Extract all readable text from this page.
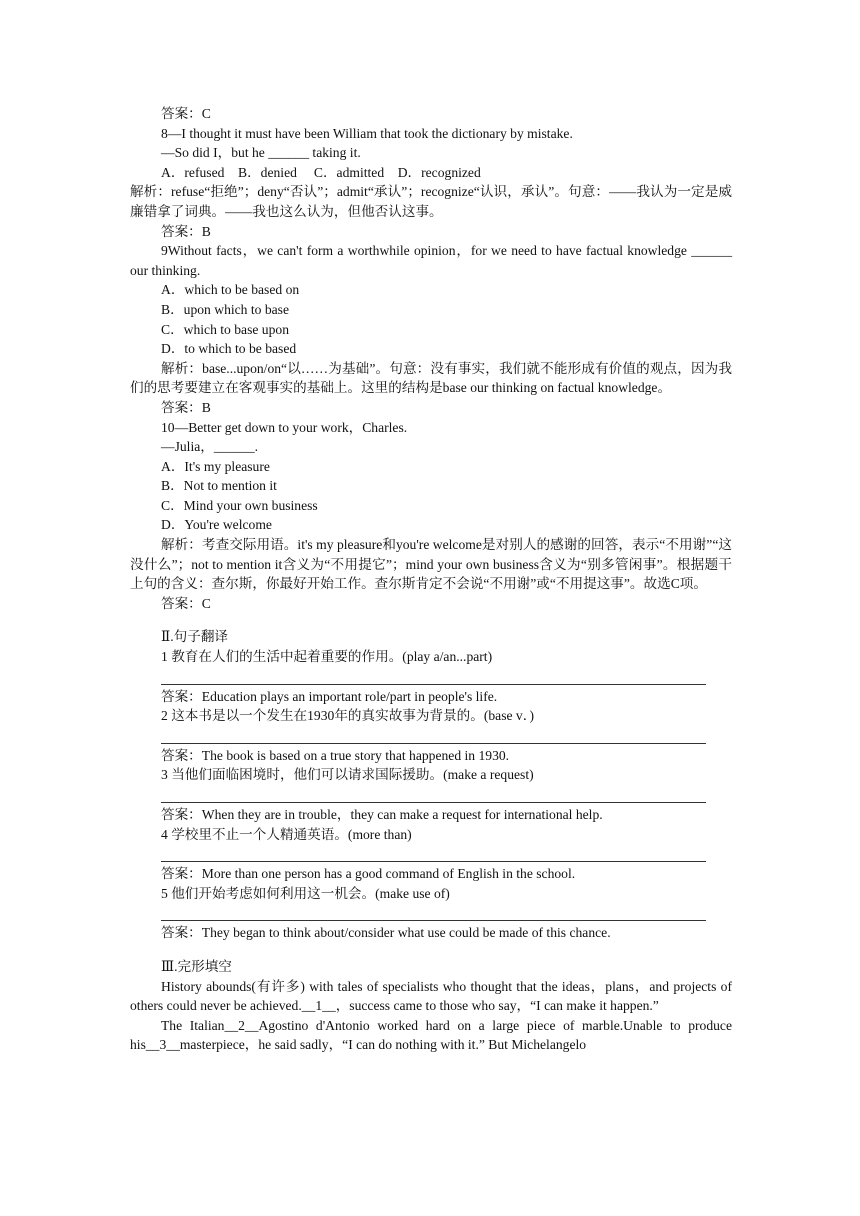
答案：C
8—I thought it must have been William that took the dictionary by mistake.
—So did I，but he ______ taking it.
A．refused　B．denied　 C．admitted　D．recognized
解析：refuse“拒绝”；deny“否认”；admit“承认”；recognize“认识，承认”。句意：——我认为一定是威廉错拿了词典。——我也这么认为，但他否认这事。
答案：B
9Without facts，we can't form a worthwhile opinion，for we need to have factual knowledge ______ our thinking.
A．which to be based on
B．upon which to base
C．which to base upon
D．to which to be based
解析：base...upon/on“以……为基础”。句意：没有事实，我们就不能形成有价值的观点，因为我们的思考要建立在客观事实的基础上。这里的结构是base our thinking on factual knowledge。
答案：B
10—Better get down to your work，Charles.
—Julia，______.
A．It's my pleasure
B．Not to mention it
C．Mind your own business
D．You're welcome
解析：考查交际用语。it's my pleasure和you're welcome是对别人的感谢的回答，表示“不用谢”“这没什么”；not to mention it含义为“不用提它”；mind your own business含义为“别多管闲事”。根据题干上句的含义：查尔斯，你最好开始工作。查尔斯肯定不会说“不用谢”或“不用提这事”。故选C项。
答案：C
Ⅱ.句子翻译
1 教育在人们的生活中起着重要的作用。(play a/an...part)
答案：Education plays an important role/part in people's life.
2 这本书是以一个发生在1930年的真实故事为背景的。(base v．)
答案：The book is based on a true story that happened in 1930.
3 当他们面临困境时，他们可以请求国际援助。(make a request)
答案：When they are in trouble，they can make a request for international help.
4 学校里不止一个人精通英语。(more than)
答案：More than one person has a good command of English in the school.
5 他们开始考虑如何利用这一机会。(make use of)
答案：They began to think about/consider what use could be made of this chance.
Ⅲ.完形填空
History abounds(有许多) with tales of specialists who thought that the ideas，plans，and projects of others could never be achieved.__1__，success came to those who say，“I can make it happen.”
The Italian__2__Agostino d'Antonio worked hard on a large piece of marble.Unable to produce his__3__masterpiece，he said sadly，“I can do nothing with it.” But Michelangelo
